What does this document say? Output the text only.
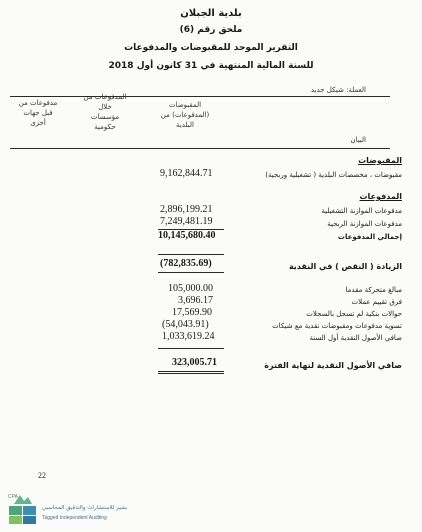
بلدية الجبلان
ملحق رقم (6)
التقرير الموحد للمقبوضات والمدفوعات
للسنة المالية المنتهية في 31 كانون أول 2018
العملة: شيكل جديد
البيان
المقبوضات
(المدفوعات) من
البلدية
المدفوعات من
خلال
مؤسسات
حكومية
مدفوعات من
قبل جهات
أخرى
المقبوضات
مقبوضات ، مخصصات البلدية ( تشغيلية وربحية)
9,162,844.71
المدفوعات
مدفوعات الموازنة التشغيلية
2,896,199.21
مدفوعات الموازنة الربحية
7,249,481.19
إجمالي المدفوعات
10,145,680.40
الزيادة ( النقص ) في النقدية
(782,835.69)
مبالغ متحركة مقدما
105,000.00
فرق تقييم عملات
3,696.17
حوالات بنكية لم تسجل بالسجلات
17,569.90
تسوية مدفوعات ومقبوضات نقدية مع شيكات
(54,043.91)
صافي الأصول النقدية أول السنة
1,033,619.24
صافي الأصول النقدية لنهاية الفترة
323,005.71
22
CPA
بشير للاستشارات والتدقيق المحاسبي
Tagged Independent Auditing
